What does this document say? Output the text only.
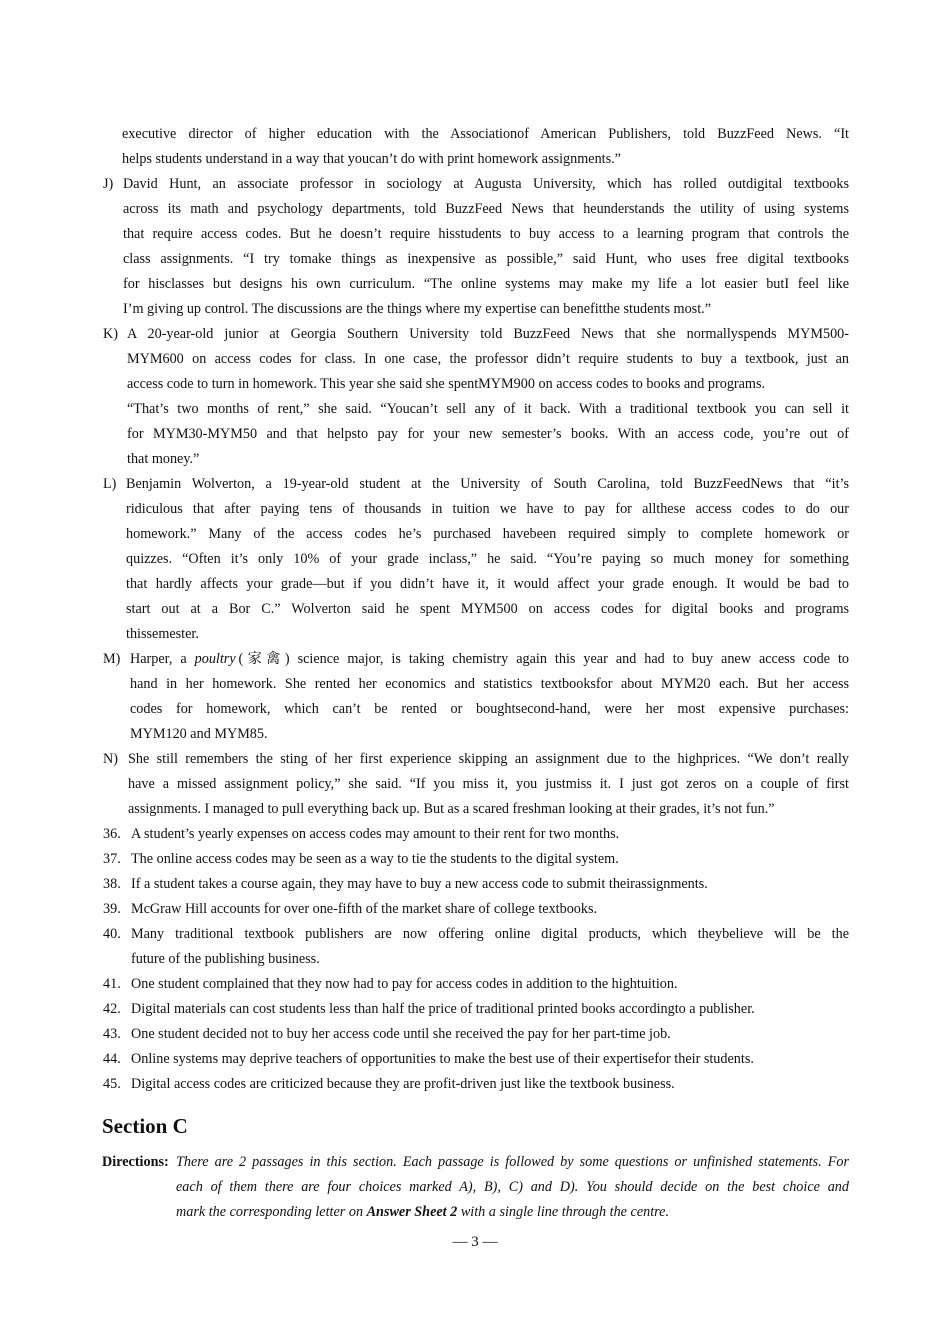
executive director of higher education with the Associationof American Publishers, told BuzzFeed News. “It
helps students understand in a way that youcan’t do with print homework assignments.”
J) David Hunt, an associate professor in sociology at Augusta University, which has rolled outdigital textbooks
across its math and psychology departments, told BuzzFeed News that heunderstands the utility of using systems
that require access codes. But he doesn’t require hisstudents to buy access to a learning program that controls the
class assignments. “I try tomake things as inexpensive as possible,” said Hunt, who uses free digital textbooks
for hisclasses but designs his own curriculum. “The online systems may make my life a lot easier butI feel like
I’m giving up control. The discussions are the things where my expertise can benefitthe students most.”
K) A 20-year-old junior at Georgia Southern University told BuzzFeed News that she normallyspends MYM500-
MYM600 on access codes for class. In one case, the professor didn’t require students to buy a textbook, just an
access code to turn in homework. This year she said she spentMYM900 on access codes to books and programs.
“That’s two months of rent,” she said. “Youcan’t sell any of it back. With a traditional textbook you can sell it
for MYM30-MYM50 and that helpsto pay for your new semester’s books. With an access code, you’re out of
that money.”
L) Benjamin Wolverton, a 19-year-old student at the University of South Carolina, told BuzzFeedNews that “it’s
ridiculous that after paying tens of thousands in tuition we have to pay for allthese access codes to do our
homework.” Many of the access codes he’s purchased havebeen required simply to complete homework or
quizzes. “Often it’s only 10% of your grade inclass,” he said. “You’re paying so much money for something
that hardly affects your grade—but if you didn’t have it, it would affect your grade enough. It would be bad to
start out at a Bor C.” Wolverton said he spent MYM500 on access codes for digital books and programs
thissemester.
M) Harper, a poultry  (家禽) science major, is taking chemistry again this year and had to buy anew access code to
hand in her homework. She rented her economics and statistics textbooksfor about MYM20 each. But her access
codes for homework, which can’t be rented or boughtsecond-hand, were her most expensive purchases:
MYM120 and MYM85.
N) She still remembers the sting of her first experience skipping an assignment due to the highprices. “We don’t really
have a missed assignment policy,” she said. “If you miss it, you justmiss it. I just got zeros on a couple of first
assignments. I managed to pull everything back up. But as a scared freshman looking at their grades, it’s not fun.”
36. A student’s yearly expenses on access codes may amount to their rent for two months.
37. The online access codes may be seen as a way to tie the students to the digital system.
38. If a student takes a course again, they may have to buy a new access code to submit theirassignments.
39. McGraw Hill accounts for over one-fifth of the market share of college textbooks.
40. Many traditional textbook publishers are now offering online digital products, which theybelieve will be the
future of the publishing business.
41. One student complained that they now had to pay for access codes in addition to the hightuition.
42. Digital materials can cost students less than half the price of traditional printed books accordingto a publisher.
43. One student decided not to buy her access code until she received the pay for her part-time job.
44. Online systems may deprive teachers of opportunities to make the best use of their expertisefor their students.
45. Digital access codes are criticized because they are profit-driven just like the textbook business.
Section C
Directions: There are 2 passages in this section. Each passage is followed by some questions or unfinished statements. For
each of them there are four choices marked A), B), C) and D). You should decide on the best choice and
mark the corresponding letter on Answer Sheet 2 with a single line through the centre.
— 3 —
